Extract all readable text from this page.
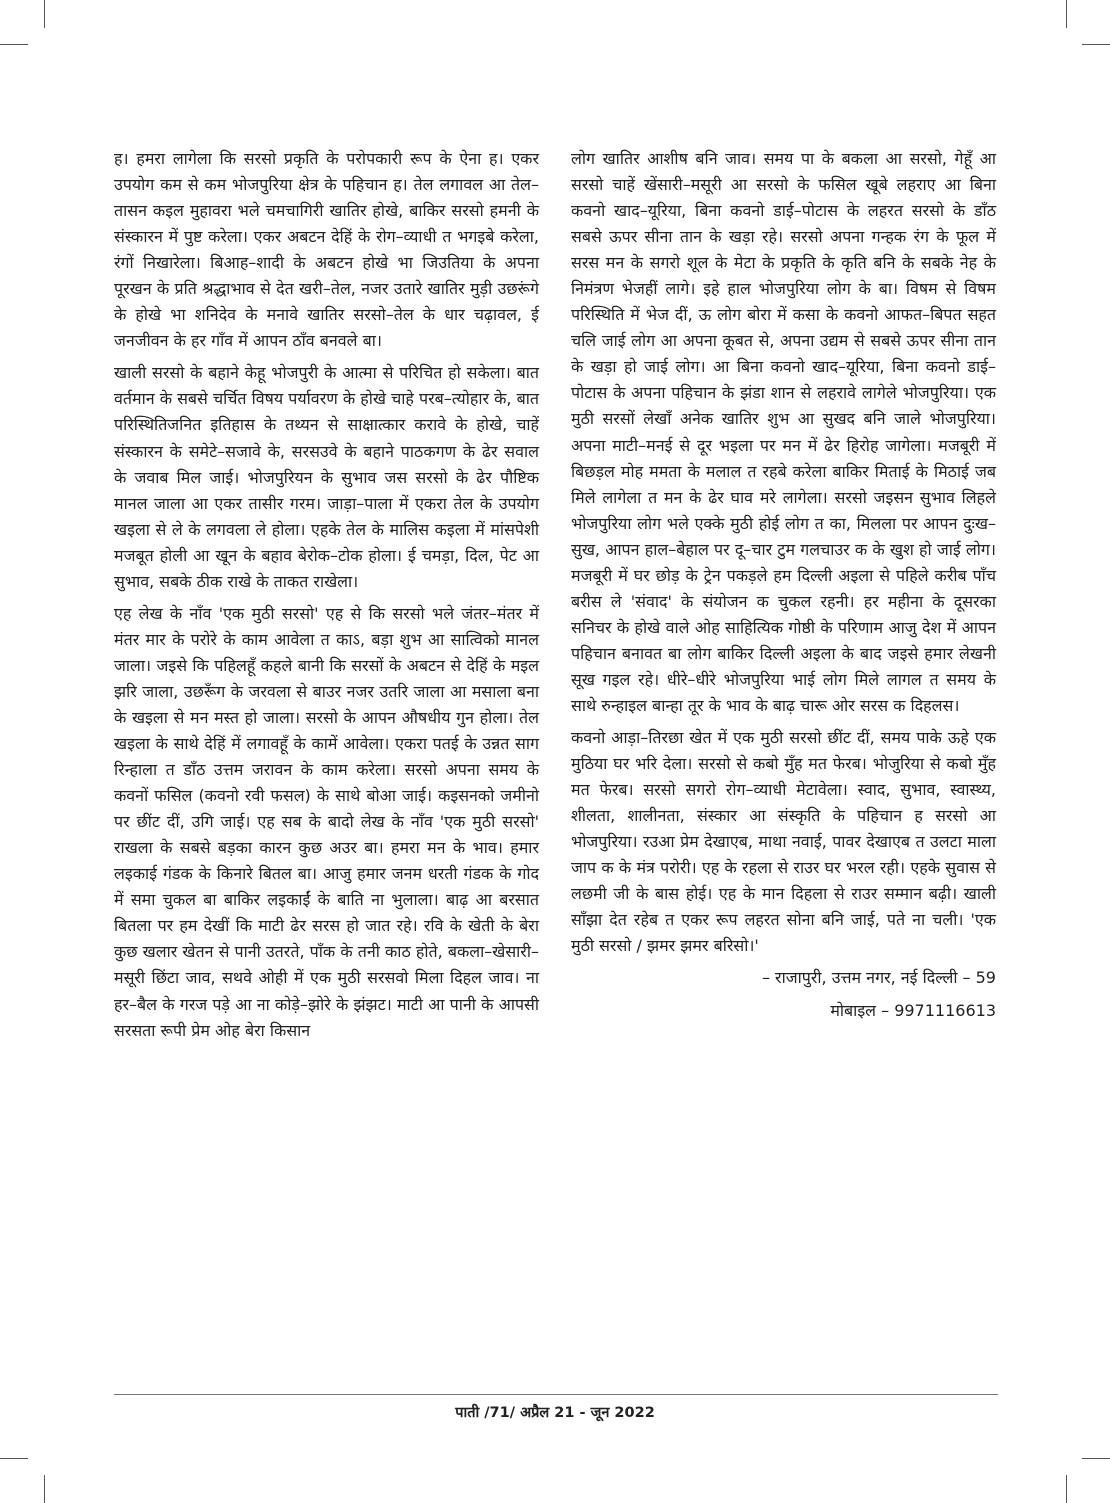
ह। हमरा लागेला कि सरसो प्रकृति के परोपकारी रूप के ऐना ह। एकर उपयोग कम से कम भोजपुरिया क्षेत्र के पहिचान ह। तेल लगावल आ तेल–तासन कइल मुहावरा भले चमचागिरी खातिर होखे, बाकिर सरसो हमनी के संस्कारन में पुष्ट करेला। एकर अबटन देहिं के रोग–व्याधी त भगइबे करेला, रंगों निखारेला। बिआह–शादी के अबटन होखे भा जिउतिया के अपना पूरखन के प्रति श्रद्धाभाव से देत खरी–तेल, नजर उतारे खातिर मुड़ी उछरूंगे के होखे भा शनिदेव के मनावे खातिर सरसो–तेल के धार चढ़ावल, ई जनजीवन के हर गाँव में आपन ठाँव बनवले बा।

खाली सरसो के बहाने केहू भोजपुरी के आत्मा से परिचित हो सकेला। बात वर्तमान के सबसे चर्चित विषय पर्यावरण के होखे चाहे परब–त्योहार के, बात परिस्थितिजनित इतिहास के तथ्यन से साक्षात्कार करावे के होखे, चाहें संस्कारन के समेटे–सजावे के, सरसउवे के बहाने पाठकगण के ढेर सवाल के जवाब मिल जाई। भोजपुरियन के सुभाव जस सरसो के ढेर पौष्टिक मानल जाला आ एकर तासीर गरम। जाड़ा–पाला में एकरा तेल के उपयोग खइला से ले के लगवला ले होला। एहके तेल के मालिस कइला में मांसपेशी मजबूत होली आ खून के बहाव बेरोक–टोक होला। ई चमड़ा, दिल, पेट आ सुभाव, सबके ठीक राखे के ताकत राखेला।

एह लेख के नाँव 'एक मुठी सरसो' एह से कि सरसो भले जंतर–मंतर में मंतर मार के परोरे के काम आवेला त काऽ, बड़ा शुभ आ सात्विको मानल जाला। जइसे कि पहिलहूँ कहले बानी कि सरसों के अबटन से देहिं के मइल झरि जाला, उछरूँग के जरवला से बाउर नजर उतरि जाला आ मसाला बना के खइला से मन मस्त हो जाला। सरसो के आपन औषधीय गुन होला। तेल खइला के साथे देहिं में लगावहूँ के कामें आवेला। एकरा पतई के उन्नत साग रिन्हाला त डाँठ उत्तम जरावन के काम करेला। सरसो अपना समय के कवनों फसिल (कवनो रवी फसल) के साथे बोआ जाई। कइसनको जमीनो पर छींट दीं, उगि जाई। एह सब के बादो लेख के नाँव 'एक मुठी सरसो' राखला के सबसे बड़का कारन कुछ अउर बा। हमरा मन के भाव। हमार लइकाई गंडक के किनारे बितल बा। आजु हमार जनम धरती गंडक के गोद में समा चुकल बा बाकिर लइकाईं के बाति ना भुलाला। बाढ़ आ बरसात बितला पर हम देखीं कि माटी ढेर सरस हो जात रहे। रवि के खेती के बेरा कुछ खलार खेतन से पानी उतरते, पाँक के तनी काठ होते, बकला–खेसारी–मसूरी छिंटा जाव, सथवे ओही में एक मुठी सरसवो मिला दिहल जाव। ना हर–बैल के गरज पड़े आ ना कोड़े–झोरे के झंझट। माटी आ पानी के आपसी सरसता रूपी प्रेम ओह बेरा किसान

लोग खातिर आशीष बनि जाव। समय पा के बकला आ सरसो, गेहूँ आ सरसो चाहें खेंसारी–मसूरी आ सरसो के फसिल खूबे लहराए आ बिना कवनो खाद–यूरिया, बिना कवनो डाई–पोटास के लहरत सरसो के डाँठ सबसे ऊपर सीना तान के खड़ा रहे। सरसो अपना गन्हक रंग के फूल में सरस मन के सगरो शूल के मेटा के प्रकृति के कृति बनि के सबके नेह के निमंत्रण भेजहीं लागे। इहे हाल भोजपुरिया लोग के बा। विषम से विषम परिस्थिति में भेज दीं, ऊ लोग बोरा में कसा के कवनो आफत–बिपत सहत चलि जाई लोग आ अपना कूबत से, अपना उद्यम से सबसे ऊपर सीना तान के खड़ा हो जाई लोग। आ बिना कवनो खाद–यूरिया, बिना कवनो डाई–पोटास के अपना पहिचान के झंडा शान से लहरावे लागेले भोजपुरिया। एक मुठी सरसों लेखाँ अनेक खातिर शुभ आ सुखद बनि जाले भोजपुरिया। अपना माटी–मनई से दूर भइला पर मन में ढेर हिरोह जागेला। मजबूरी में बिछड़ल मोह ममता के मलाल त रहबे करेला बाकिर मिताई के मिठाई जब मिले लागेला त मन के ढेर घाव मरे लागेला। सरसो जइसन सुभाव लिहले भोजपुरिया लोग भले एक्के मुठी होई लोग त का, मिलला पर आपन दुःख–सुख, आपन हाल–बेहाल पर दू–चार टुम गलचाउर क के खुश हो जाई लोग। मजबूरी में घर छोड़ के ट्रेन पकड़ले हम दिल्ली अइला से पहिले करीब पाँच बरीस ले 'संवाद' के संयोजन क चुकल रहनी। हर महीना के दूसरका सनिचर के होखे वाले ओह साहित्यिक गोष्ठी के परिणाम आजु देश में आपन पहिचान बनावत बा लोग बाकिर दिल्ली अइला के बाद जइसे हमार लेखनी सूख गइल रहे। धीरे–धीरे भोजपुरिया भाई लोग मिले लागल त समय के साथे रुन्हाइल बान्हा तूर के भाव के बाढ़ चारू ओर सरस क दिहलस।

कवनो आड़ा–तिरछा खेत में एक मुठी सरसो छींट दीं, समय पाके ऊहे एक मुठिया घर भरि देला। सरसो से कबो मुँह मत फेरब। भोजुरिया से कबो मुँह मत फेरब। सरसो सगरो रोग–व्याधी मेटावेला। स्वाद, सुभाव, स्वास्थ्य, शीलता, शालीनता, संस्कार आ संस्कृति के पहिचान ह सरसो आ भोजपुरिया। रउआ प्रेम देखाएब, माथा नवाई, पावर देखाएब त उलटा माला जाप क के मंत्र परोरी। एह के रहला से राउर घर भरल रही। एहके सुवास से लछमी जी के बास होई। एह के मान दिहला से राउर सम्मान बढ़ी। खाली साँझा देत रहेब त एकर रूप लहरत सोना बनि जाई, पते ना चली। 'एक मुठी सरसो / झमर झमर बरिसो।'

– राजापुरी, उत्तम नगर, नई दिल्ली – 59

मोबाइल – 9971116613

पाती /71/ अप्रैल 21 - जून 2022
